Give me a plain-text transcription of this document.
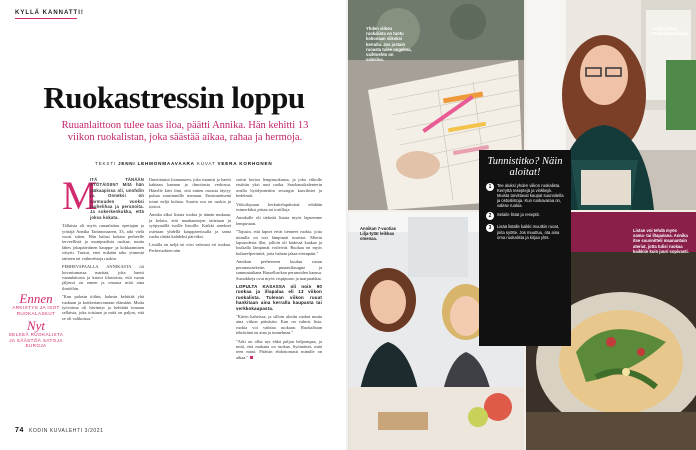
KYLLÄ KANNATTI!
Ruokastressin loppu

Ruuanlaittoon tulee taas iloa, päätti Annika. Hän kehitti 13 viikon ruokalistan, joka säästää aikaa, rahaa ja hermoja.

TEKSTI JENNI LEHMONMAAVAARA KUVAT VEERA KORHONEN
M

ITÄ TÄNÄÄN SYÖTÄISIIN? Mitä hän jääkaapissa oli, unohdin jo. Onneksi on varmuuden vuoksi jauhelihaa ja perunoita. Ja sokerkenkukka, että joksa kokata.

Tällaista oli myös ruuanlaiton opettajan ja yrittäjä Annika Tanimonaaren, 33, arki vielä vuosi sitten. Hän halusi kokata perheelle terveellistä ja monipuolista ruokaa, mutta lähes jokapäiväinen kauppa- ja kokkaaminen väsytti. Tuntui, ettei mikään taho ytimestä taitteen tai vaihtoehtoja ruokin.

PERHEVAPAALLA ANNIKASTA oli kuvastumassa marttaa, joka haetti ruuanlaitosta ja katsoi tilastoista, että ruoan jäljessä on ennen ja omassa mitä aina ilmiöihin.

"Kun palasin töihin, halusin kehittää yhä ruokaan ja kotikertanvomaan elämään. Mutta työvoima oli hävinnyt ja kehittää tomaan sellaista, joka toistaan ja mitä on paljon, että se oli valikoissa."

Ilmoittautui lounaaseen, joka tunnisti ja haetti kahtaan kannan ja ilmoitusta verkossa. Hänelle kävi ilmi, että eniten ruoasta täytyy puhua suurimmille menuun. Ensimmäisenä toimi neljä kohtaa. Suurin osa on ruokia ja toistot.

Annika alkoi listata ruokia jo tämän mukaan, ja kelain, että maahaastojen taitetaan ja syöpymällä isoille listoille. Kaikki ainekset ostetaan yhdellä kauppareissulla ja sama ruoka riittää kahdeksi päiväksi.

Listalla on neljä tai viisi vahvasti eri ruokaa. Perheruokien niin

saivat kertoa lempiruokansa, ja joka viikolle etsittiin yksi uusi ruoka. Satokausikalenterin avulla hyödynnettiin sesongin kasviksiet ja hedelmät.

Viikoilopuun herkuttelupäivänä tehdään esimerkiksi pitsaa tai tortilloja.

Annikalle oli tärkeää listata myös lapsemme lempiruuat.

"Tajusin, että lapset eivät tienneet ruokia, joita minulla on tosi lämpimät muistot. Mietin lapsuudesta illat, jolloin oli kädessä kaakaa ja lusikalla lämpimät voileivät. Ruokaa on myös kultaeelperintöä, joita haluan jakaa eteenpäin."

Annikan perheeseen kuuluu ruoan perunasosekette, pinaattilasagne ja sunnuntaikana Hasselbackan perunoiden kanssa. Suosikkeja ovat myös vispipuuro ja marjarahkat.

LOPULTA KASASSA oli noin 90 ruokaa ja illapalaa eli 13 viikon ruokalista. Tulevan viikon ruuat hankitaan aina kerralla kaupasta tai verkkokaupasta.

"Kävin kahvissa, ja silloin aloitin ruokat mutta aina viikon päiväsiin. Kun on valmis lista, ruokia voi vaihtaa ruokaan. Ruokalistan tehtävänä on aina ja tunnelmaa."

"Arki on ollut nyt ehkä paljon helpompaa, ja mitä, että mukana on ruokaa. Syömäiset, mitä teen minä. Pitäisin ehdottomasti minulle on aikaa."

Ennen
ARKISTYS JA ISOT RUOKALASKUT
Nyt
SELKEÄ RUOKALISTA JA SÄÄSTÖÄ SATOJA EUROJA
74 KODIN KUVALEHTI 3/2021
Yhden viikon ruokalista on tuotu kokonaan viikoksi kerralla. Jos jostain ruoasta tulee ongelma, vaihtoehto on valmiina.
Annika pitää Ruokalistat-blogia.
Annikan 7-vuotias Lilja-tytär leikkaa omenaa.
Listan voi tehdä myös sama- tai iltapalana. Annika itse suunnitteli maanantain ateriat, jotta tulisi ruokaa kaikkiin kuin juuri sopivasti.
Tunnistitko? Näin aloitat!
1	Tee aluksi yhden viikon ruokalista. Kerryttä reseptejä ja vinkkejä. Muista tarvittavat kaupat suunnitella ja ostoslistoja. Kun ruokavaraa on, valitse ruokia.
2	Selaile listat ja reseptit.
3	Lisää listalle kaikki muutkin ruoat, joita syötte. Jos muuttuu, ota aina oma ruokalista ja kirjaa ylös.
